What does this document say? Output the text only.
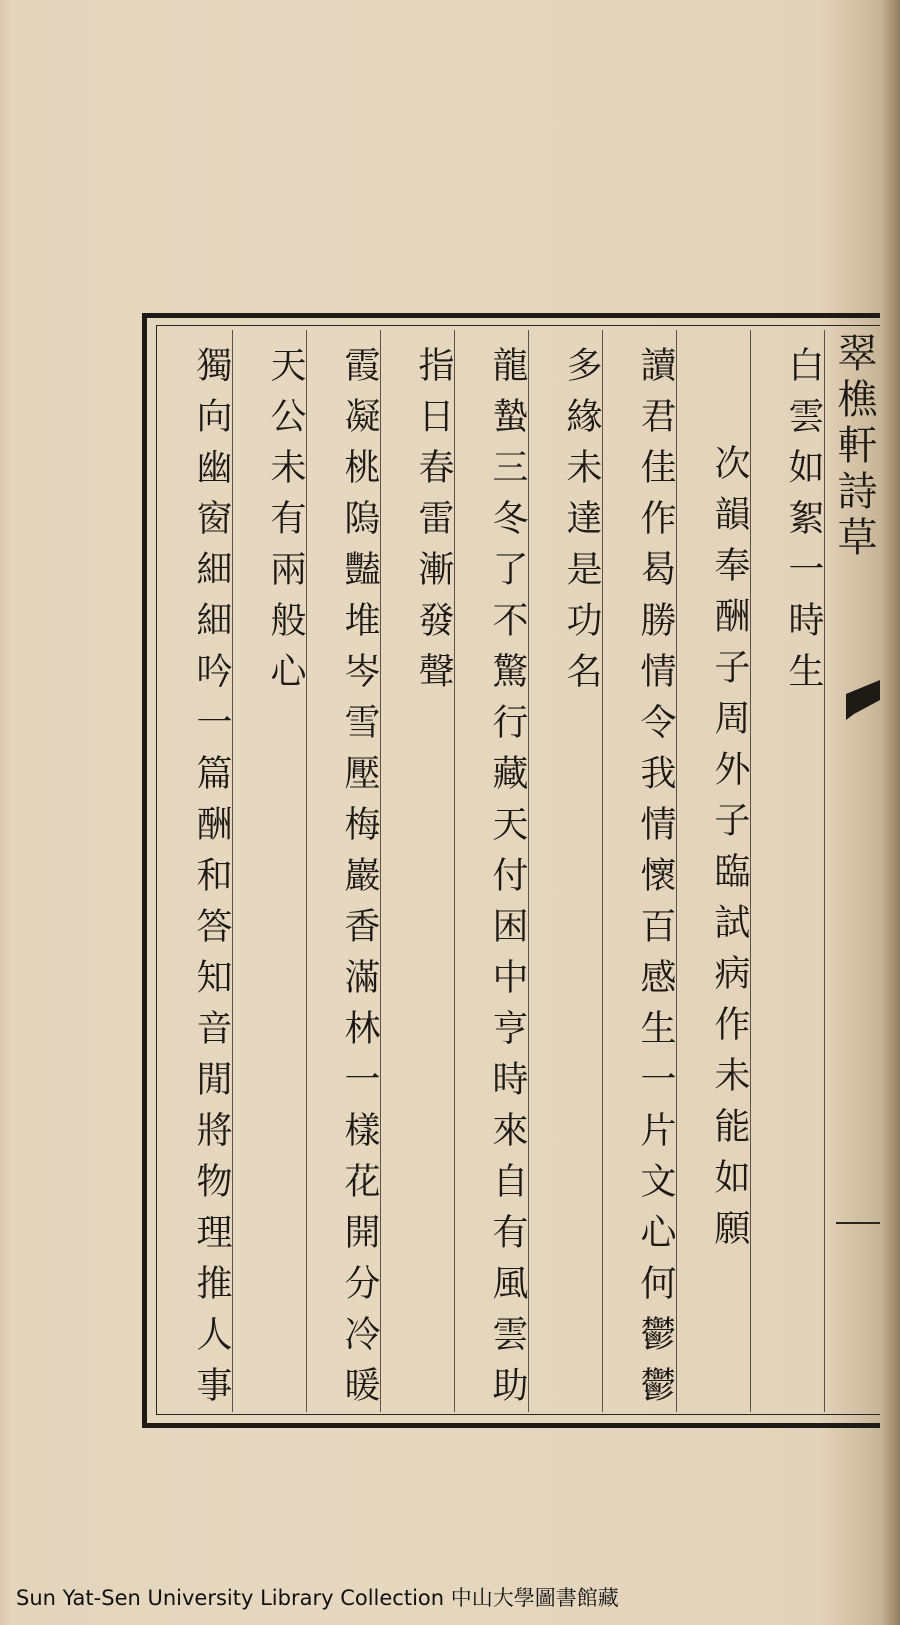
翠樵軒詩草
白雲如絮一時生
次韻奉酬子周外子臨試病作未能如願
讀君佳作曷勝情令我情懷百感生一片文心何鬱鬱
多緣未達是功名
龍蟄三冬了不驚行藏天付困中亨時來自有風雲助
指日春雷漸發聲
霞凝桃隖豔堆岑雪壓梅巖香滿林一樣花開分冷暖
天公未有兩般心
獨向幽窗細細吟一篇酬和答知音閒將物理推人事
Sun Yat-Sen University Library Collection 中山大學圖書館藏
